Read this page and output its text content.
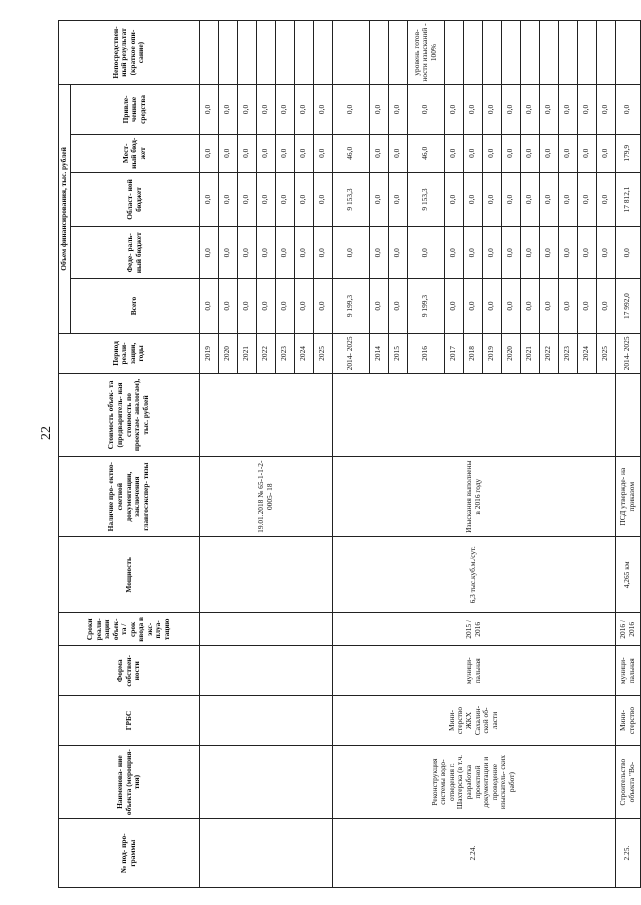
22
№ под- про- граммы	Наименова- ние объекта (мероприя- тия)	ГРБС	Форма собствен- ности	Сроки реали- зации объек- та / срок ввода в экс- плуа- тацию	Мощность	Наличие про- ектно-сметной документации, заключения главгосэкспер- тизы	Стоимость объек- та (предваритель- ная стоимость по проектам- аналогам), тыс. рублей	Период реали- зации, годы	Объем финансирования, тыс. рублей					Непосредствен- ный результат (краткое опи- сание)
									Всего	Феде- раль- ный бюджет	Област- ной бюджет	Мест- ный бюд- жет	Привле- ченные средства	
						19.01.2018 № 65-1-1-2-0005- 18		2019	0,0	0,0	0,0	0,0	0,0	
								2020	0,0	0,0	0,0	0,0	0,0	
								2021	0,0	0,0	0,0	0,0	0,0	
								2022	0,0	0,0	0,0	0,0	0,0	
								2023	0,0	0,0	0,0	0,0	0,0	
								2024	0,0	0,0	0,0	0,0	0,0	
								2025	0,0	0,0	0,0	0,0	0,0	
2.24.	Реконструкция системы водо- отведения г. Шахтерска (в т.ч. разработка проектной документации и проведение изыскатель- ских работ)	Мини- стерство ЖКХ Сахалин- ской об- ласти	муници- пальная	2015 / 2016	6,3 тыс.куб.м./сут.	Изыскания выполнены в 2016 году		2014- 2025	9 199,3	0,0	9 153,3	46,0	0,0	
								2014	0,0	0,0	0,0	0,0	0,0	
								2015	0,0	0,0	0,0	0,0	0,0	
								2016	9 199,3	0,0	9 153,3	46,0	0,0	уровень готов- ности изысканий - 100%
								2017	0,0	0,0	0,0	0,0	0,0	
								2018	0,0	0,0	0,0	0,0	0,0	
								2019	0,0	0,0	0,0	0,0	0,0	
								2020	0,0	0,0	0,0	0,0	0,0	
								2021	0,0	0,0	0,0	0,0	0,0	
								2022	0,0	0,0	0,0	0,0	0,0	
								2023	0,0	0,0	0,0	0,0	0,0	
								2024	0,0	0,0	0,0	0,0	0,0	
								2025	0,0	0,0	0,0	0,0	0,0	
2.25.	Строительство объекта "Во-	Мини- стерство	муници- пальная	2016 / 2016	4,265 км	ПСД утвержде- на приказом		2014- 2025	17 992,0	0,0	17 812,1	179,9	0,0	
